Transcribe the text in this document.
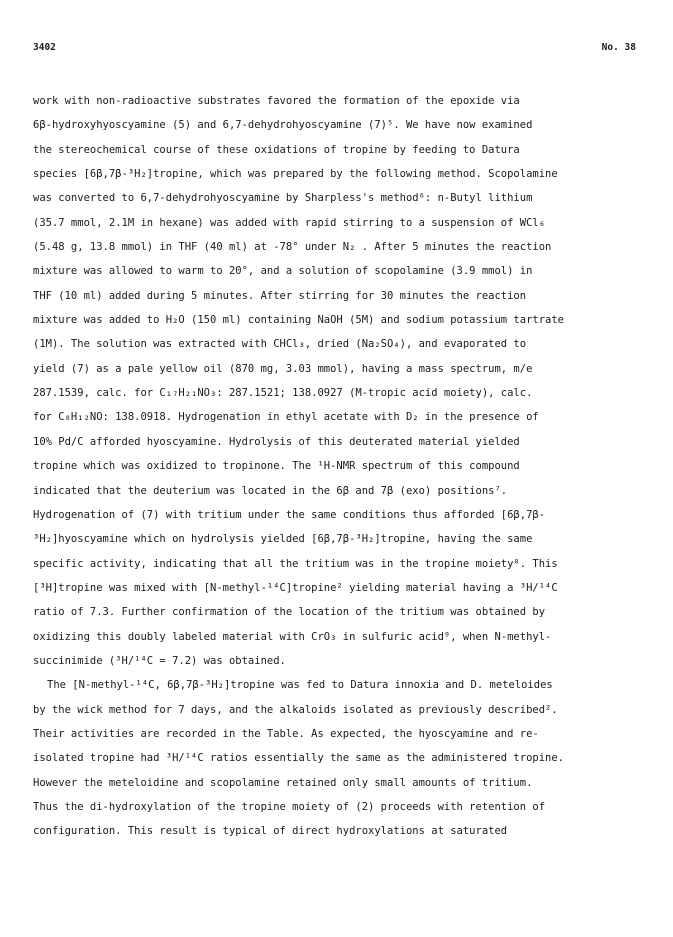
3402	No. 38
work with non-radioactive substrates favored the formation of the epoxide via
6β-hydroxyhyoscyamine (5) and 6,7-dehydrohyoscyamine (7)⁵. We have now examined
the stereochemical course of these oxidations of tropine by feeding to Datura
species [6β,7β-³H₂]tropine, which was prepared by the following method. Scopolamine
was converted to 6,7-dehydrohyoscyamine by Sharpless's method⁶: n-Butyl lithium
(35.7 mmol, 2.1M in hexane) was added with rapid stirring to a suspension of WCl₆
(5.48 g, 13.8 mmol) in THF (40 ml) at -78° under N₂ . After 5 minutes the reaction
mixture was allowed to warm to 20°, and a solution of scopolamine (3.9 mmol) in
THF (10 ml) added during 5 minutes. After stirring for 30 minutes the reaction
mixture was added to H₂O (150 ml) containing NaOH (5M) and sodium potassium tartrate
(1M). The solution was extracted with CHCl₃, dried (Na₂SO₄), and evaporated to
yield (7) as a pale yellow oil (870 mg, 3.03 mmol), having a mass spectrum, m/e
287.1539, calc. for C₁₇H₂₁NO₃: 287.1521; 138.0927 (M-tropic acid moiety), calc.
for C₈H₁₂NO: 138.0918. Hydrogenation in ethyl acetate with D₂ in the presence of
10% Pd/C afforded hyoscyamine. Hydrolysis of this deuterated material yielded
tropine which was oxidized to tropinone. The ¹H-NMR spectrum of this compound
indicated that the deuterium was located in the 6β and 7β (exo) positions⁷.
Hydrogenation of (7) with tritium under the same conditions thus afforded [6β,7β-
³H₂]hyoscyamine which on hydrolysis yielded [6β,7β-³H₂]tropine, having the same
specific activity, indicating that all the tritium was in the tropine moiety⁸. This
[³H]tropine was mixed with [N-methyl-¹⁴C]tropine² yielding material having a ³H/¹⁴C
ratio of 7.3. Further confirmation of the location of the tritium was obtained by
oxidizing this doubly labeled material with CrO₃ in sulfuric acid⁹, when N-methyl-
succinimide (³H/¹⁴C = 7.2) was obtained.
The [N-methyl-¹⁴C, 6β,7β-³H₂]tropine was fed to Datura innoxia and D. meteloides
by the wick method for 7 days, and the alkaloids isolated as previously described².
Their activities are recorded in the Table. As expected, the hyoscyamine and re-
isolated tropine had ³H/¹⁴C ratios essentially the same as the administered tropine.
However the meteloidine and scopolamine retained only small amounts of tritium.
Thus the di-hydroxylation of the tropine moiety of (2) proceeds with retention of
configuration. This result is typical of direct hydroxylations at saturated
